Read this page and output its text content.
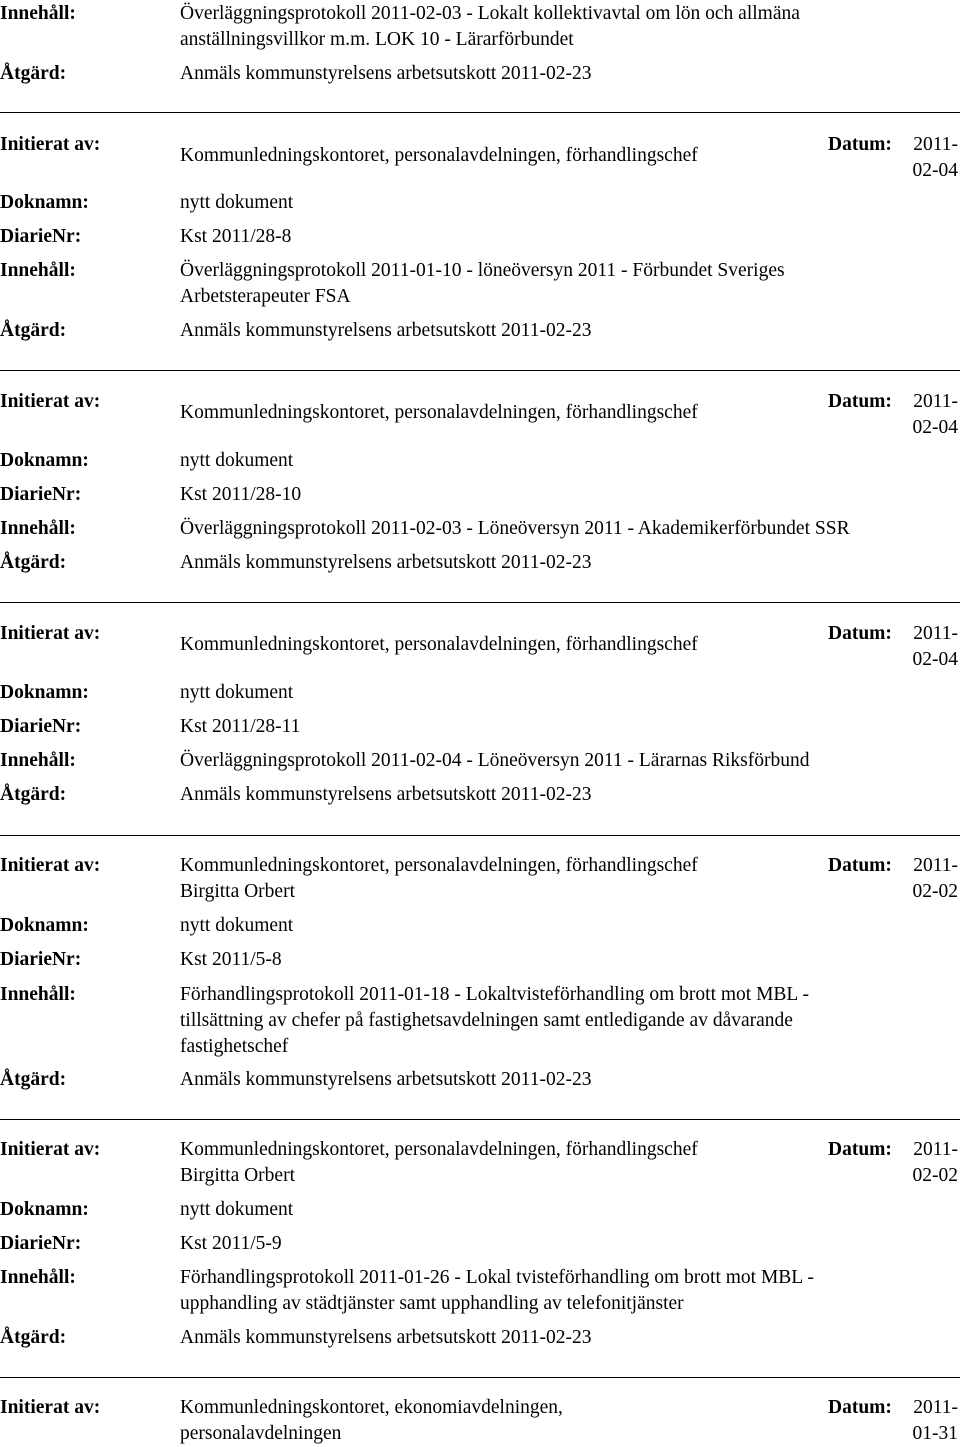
Innehåll:	Överläggningsprotokoll 2011-02-03 - Lokalt kollektivavtal om lön och allmäna
anställningsvillkor m.m. LOK 10 - Lärarförbundet
Åtgärd:	Anmäls kommunstyrelsens arbetsutskott 2011-02-23
Initierat av:
Kommunledningskontoret, personalavdelningen, förhandlingschef
Datum:	2011-
02-04
Doknamn:	nytt dokument
DiarieNr:	Kst 2011/28-8
Innehåll:	Överläggningsprotokoll 2011-01-10 - löneöversyn 2011 - Förbundet Sveriges
Arbetsterapeuter FSA
Åtgärd:	Anmäls kommunstyrelsens arbetsutskott 2011-02-23
Initierat av:
Kommunledningskontoret, personalavdelningen, förhandlingschef
Datum:	2011-
02-04
Doknamn:	nytt dokument
DiarieNr:	Kst 2011/28-10
Innehåll:	Överläggningsprotokoll 2011-02-03 - Löneöversyn 2011 - Akademikerförbundet SSR
Åtgärd:	Anmäls kommunstyrelsens arbetsutskott 2011-02-23
Initierat av:
Kommunledningskontoret, personalavdelningen, förhandlingschef
Datum:	2011-
02-04
Doknamn:	nytt dokument
DiarieNr:	Kst 2011/28-11
Innehåll:	Överläggningsprotokoll 2011-02-04 - Löneöversyn 2011 - Lärarnas Riksförbund
Åtgärd:	Anmäls kommunstyrelsens arbetsutskott 2011-02-23
Initierat av:	Kommunledningskontoret, personalavdelningen, förhandlingschef
Birgitta Orbert
Datum:	2011-
02-02
Doknamn:	nytt dokument
DiarieNr:	Kst 2011/5-8
Innehåll:	Förhandlingsprotokoll 2011-01-18 - Lokaltvisteförhandling om brott mot MBL -
tillsättning av chefer på fastighetsavdelningen samt entledigande av dåvarande
fastighetschef
Åtgärd:	Anmäls kommunstyrelsens arbetsutskott 2011-02-23
Initierat av:	Kommunledningskontoret, personalavdelningen, förhandlingschef
Birgitta Orbert
Datum:	2011-
02-02
Doknamn:	nytt dokument
DiarieNr:	Kst 2011/5-9
Innehåll:	Förhandlingsprotokoll 2011-01-26 - Lokal tvisteförhandling om brott mot MBL -
upphandling av städtjänster samt upphandling av telefonitjänster
Åtgärd:	Anmäls kommunstyrelsens arbetsutskott 2011-02-23
Initierat av:	Kommunledningskontoret, ekonomiavdelningen,
personalavdelningen
Datum:	2011-
01-31
